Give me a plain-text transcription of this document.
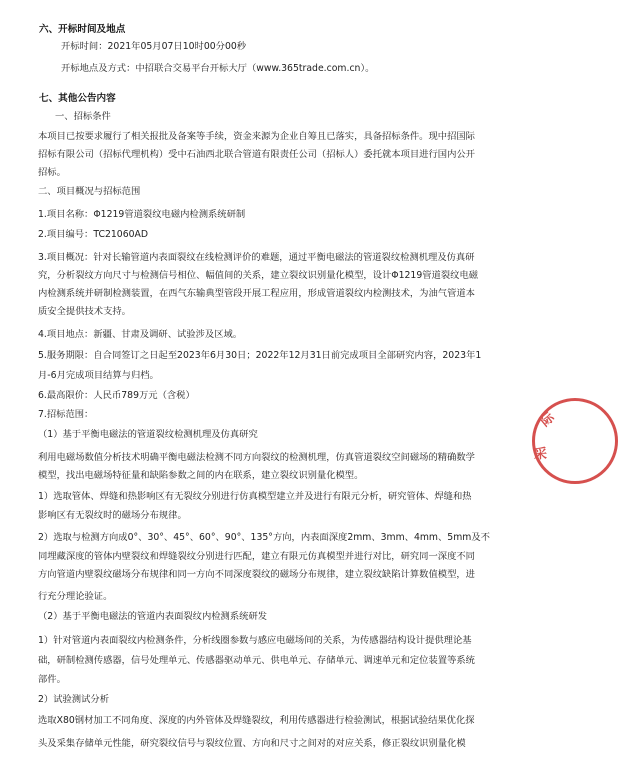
六、开标时间及地点
开标时间：2021年05月07日10时00分00秒
开标地点及方式：中招联合交易平台开标大厅（www.365trade.com.cn）。
七、其他公告内容
一、招标条件
本项目已按要求履行了相关报批及备案等手续，资金来源为企业自筹且已落实，具备招标条件。现中招国际
招标有限公司（招标代理机构）受中石油西北联合管道有限责任公司（招标人）委托就本项目进行国内公开
招标。
二、项目概况与招标范围
1.项目名称：Φ1219管道裂纹电磁内检测系统研制
2.项目编号：TC21060AD
3.项目概况：针对长输管道内表面裂纹在线检测评价的难题，通过平衡电磁法的管道裂纹检测机理及仿真研
究，分析裂纹方向尺寸与检测信号相位、幅值间的关系，建立裂纹识别量化模型，设计Φ1219管道裂纹电磁
内检测系统并研制检测装置，在西气东输典型管段开展工程应用，形成管道裂纹内检测技术，为油气管道本
质安全提供技术支持。
4.项目地点：新疆、甘肃及调研、试验涉及区域。
5.服务期限：自合同签订之日起至2023年6月30日；2022年12月31日前完成项目全部研究内容，2023年1
月-6月完成项目结算与归档。
6.最高限价：人民币789万元（含税）
7.招标范围：
（1）基于平衡电磁法的管道裂纹检测机理及仿真研究
利用电磁场数值分析技术明确平衡电磁法检测不同方向裂纹的检测机理，仿真管道裂纹空间磁场的精确数学
模型，找出电磁场特征量和缺陷参数之间的内在联系，建立裂纹识别量化模型。
1）选取管体、焊缝和热影响区有无裂纹分别进行仿真模型建立并及进行有限元分析，研究管体、焊缝和热
影响区有无裂纹时的磁场分布规律。
2）选取与检测方向成0°、30°、45°、60°、90°、135°方向，内表面深度2mm、3mm、4mm、5mm及不
同埋藏深度的管体内壁裂纹和焊缝裂纹分别进行匹配，建立有限元仿真模型并进行对比，研究同一深度不同
方向管道内壁裂纹磁场分布规律和同一方向不同深度裂纹的磁场分布规律，建立裂纹缺陷计算数值模型，进
行充分理论验证。
（2）基于平衡电磁法的管道内表面裂纹内检测系统研发
1）针对管道内表面裂纹内检测条件，分析线圈参数与感应电磁场间的关系，为传感器结构设计提供理论基
础，研制检测传感器，信号处理单元、传感器驱动单元、供电单元、存储单元、调速单元和定位装置等系统
部件。
2）试验测试分析
选取X80钢材加工不同角度、深度的内外管体及焊缝裂纹，利用传感器进行检验测试，根据试验结果优化探
头及采集存储单元性能，研究裂纹信号与裂纹位置、方向和尺寸之间对的对应关系，修正裂纹识别量化模
际
采
